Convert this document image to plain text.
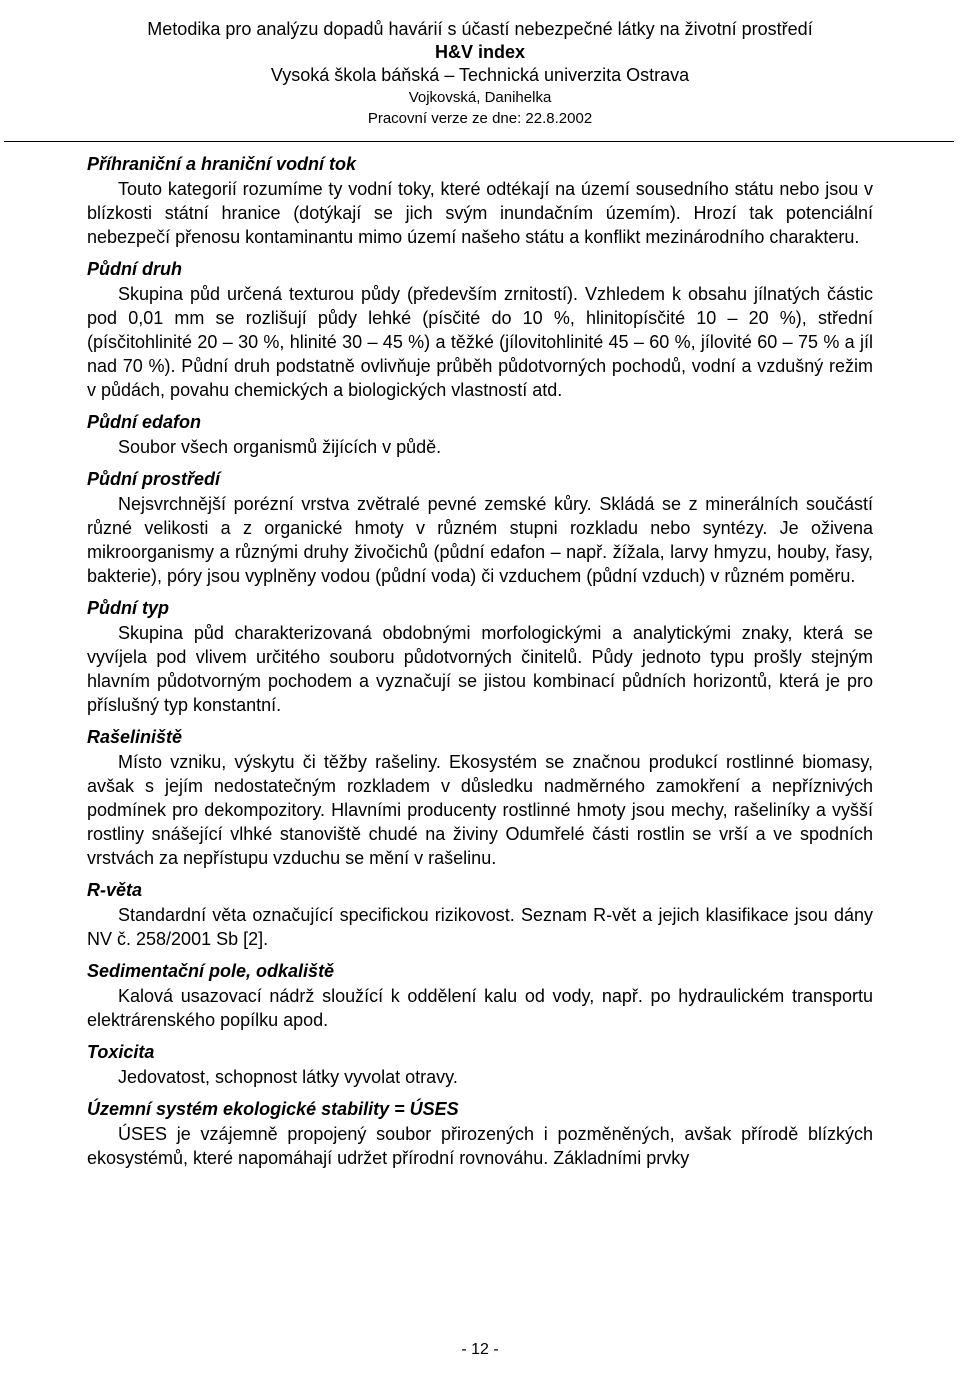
Metodika pro analýzu dopadů havárií s účastí nebezpečné látky na životní prostředí
H&V index
Vysoká škola báňská – Technická univerzita Ostrava
Vojkovská, Danihelka
Pracovní verze ze dne: 22.8.2002
Příhraniční a hraniční vodní tok

Touto kategorií rozumíme ty vodní toky, které odtékají na území sousedního státu nebo jsou v blízkosti státní hranice (dotýkají se jich svým inundačním územím). Hrozí tak potenciální nebezpečí přenosu kontaminantu mimo území našeho státu a konflikt mezinárodního charakteru.

Půdní druh

Skupina půd určená texturou půdy (především zrnitostí). Vzhledem k obsahu jílnatých částic pod 0,01 mm se rozlišují půdy lehké (písčité do 10 %, hlinitopísčité 10 – 20 %), střední (písčitohlinité 20 – 30 %, hlinité 30 – 45 %) a těžké (jílovitohlinité 45 – 60 %, jílovité 60 – 75 % a jíl nad 70 %). Půdní druh podstatně ovlivňuje průběh půdotvorných pochodů, vodní a vzdušný režim v půdách, povahu chemických a biologických vlastností atd.

Půdní edafon

Soubor všech organismů žijících v půdě.

Půdní prostředí

Nejsvrchnější porézní vrstva zvětralé pevné zemské kůry. Skládá se z minerálních součástí různé velikosti a z organické hmoty v různém stupni rozkladu nebo syntézy. Je oživena mikroorganismy a různými druhy živočichů (půdní edafon – např. žížala, larvy hmyzu, houby, řasy, bakterie), póry jsou vyplněny vodou (půdní voda) či vzduchem (půdní vzduch) v různém poměru.

Půdní typ

Skupina půd charakterizovaná obdobnými morfologickými a analytickými znaky, která se vyvíjela pod vlivem určitého souboru půdotvorných činitelů. Půdy jednoto typu prošly stejným hlavním půdotvorným pochodem a vyznačují se jistou kombinací půdních horizontů, která je pro příslušný typ konstantní.

Rašeliniště

Místo vzniku, výskytu či těžby rašeliny. Ekosystém se značnou produkcí rostlinné biomasy, avšak s jejím nedostatečným rozkladem v důsledku nadměrného zamokření a nepříznivých podmínek pro dekompozitory. Hlavními producenty rostlinné hmoty jsou mechy, rašeliníky a vyšší rostliny snášející vlhké stanoviště chudé na živiny Odumřelé části rostlin se vrší a ve spodních vrstvách za nepřístupu vzduchu se mění v rašelinu.

R-věta

Standardní věta označující specifickou rizikovost. Seznam R-vět a jejich klasifikace jsou dány NV č. 258/2001 Sb [2].

Sedimentační pole, odkaliště

Kalová usazovací nádrž sloužící k oddělení kalu od vody, např. po hydraulickém transportu elektrárenského popílku apod.

Toxicita

Jedovatost, schopnost látky vyvolat otravy.

Územní systém ekologické stability = ÚSES

ÚSES je vzájemně propojený soubor přirozených i pozměněných, avšak přírodě blízkých ekosystémů, které napomáhají udržet přírodní rovnováhu. Základními prvky

- 12 -
